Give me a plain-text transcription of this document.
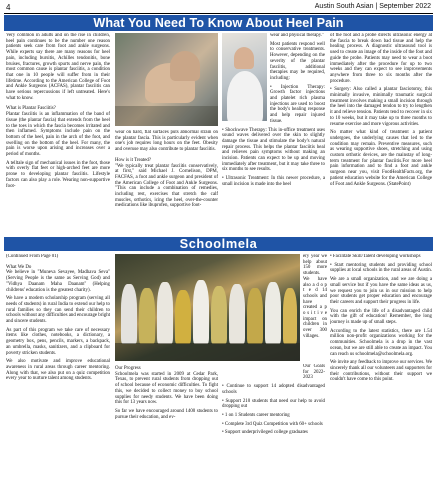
4	Austin South Asian | September 2022
What You Need To Know About Heel Pain

Very common in adults and on the rise in children, heel pain continues to be the number one reason patients seek care from foot and ankle surgeons. While experts say there are many reasons for heel pain, including bursitis, Achilles tendonitis, bone bruises, fractures, growth spurts and nerve pain, the most common cause is plantar fasciitis, a condition that one in 10 people will suffer from in their lifetime. According to the American College of Foot and Ankle Surgeons (ACFAS), plantar fasciitis can have serious repercussions if left untreated. Here's what to know.

What is Plantar Fasciitis?

Plantar fasciitis is an inflammation of the band of tissue (the plantar fascia) that extends from the heel to the toes in which the fascia becomes irritated and then inflamed. Symptoms include pain on the bottom of the heel, pain in the arch of the foot, and swelling on the bottom of the heel. For many, the pain is worse upon arising and increases over a period of months.

A telltale sign of mechanical issues in the foot, those with overly flat feet or high-arched feet are more prone to developing plantar fasciitis. Lifestyle factors can also play a role. Wearing non-supportive foot-

wear on hard, flat surfaces puts abnormal strain on the plantar fascia. This is particularly evident when one's job requires long hours on the feet. Obesity and overuse may also contribute to plantar fasciitis.

How is it Treated?

"We typically treat plantar fasciitis conservatively, at first," said Michael J. Cornelison, DPM, FACFAS, a foot and ankle surgeon and president of the American College of Foot and Ankle Surgeons. "This can include a combination of remedies, including rest, exercises that stretch the calf muscles, orthotics, icing the heel, over-the-counter medications like ibuprofen, supportive foot-

wear and physical therapy."

Most patients respond well to conservative treatments. However, depending on the severity of the plantar fasciitis, additional therapies may be required, including:

• Injection Therapy: Growth factor injections and platelet rich plasma injections are used to boost the body's healing response and help repair injured tissue.

• Shockwave Therapy: This in-office treatment uses sound waves delivered over the skin to slightly damage the tissue and stimulate the body's natural repair process. This helps the plantar fasciitis heal and relieves pain symptoms without making an incision. Patients can expect to be up and moving immediately after treatment, but it may take three to six months to see results.

• Ultrasonic Treatment: In this newer procedure, a small incision is made into the heel

of the foot and a probe directs ultrasonic energy at the fascia to break down bad tissue and help the healing process. A diagnostic ultrasound tool is used to create an image of the inside of the foot and guide the probe. Patients may need to wear a boot immediately after the procedure for up to two weeks and they can expect to see improvements anywhere from three to six months after the procedure.

• Surgery: Also called a plantar fasciotomy, this minimally invasive, minimally traumatic surgical treatment involves making a small incision through the heel into the damaged tendon to try to lengthen it and relieve tension. Patients tend to recover in six to 10 weeks, but it may take up to three months to resume exercise and more vigorous activities.

No matter what kind of treatment a patient undergoes, the underlying causes that led to the condition may remain. Preventive measures, such as wearing supportive shoes, stretching and using custom orthotic devices, are the mainstay of long-term treatment for plantar fasciitis.For more heel pain information and to find a foot and ankle surgeon near you, visit FootHealthFacts.org, the patient education website for the American College of Foot and Ankle Surgeons. (StatePoint)

Schoolmela

(Continued From Page 01)

What We Do

We believe in "Muneva Sevayee, Madhava Seva" (Serving People is the same as Serving God) and "Vidhya Daanam Maha Daanam" (Helping childrens' education is the greatest charity).

We have a modern scholarship program (serving all needs of students) in rural India to extend our help to rural families so they can send their children to schools without any difficulties and encourage bright and sincere students.

As part of this program we take care of necessary items like clothes, notebooks, a dictionary, a geometry box, pens, pencils, markers, a backpack, an umbrella, masks, sanitizers, and a clipboard for poverty stricken students.

We also motivate and improve educational awareness in rural areas through career mentoring. Along with that, we also put on a quiz competition every year to nurture talent among students.

Our Progress

Schoolmela was started in 2009 at Cedar Park, Texas, to prevent rural students from dropping out of school because of economic difficulties. To fight this, we decided to collect money to buy school supplies for needy students. We have been doing this for 13 years now.

So far we have encouraged around 1400 students to pursue their education, and ev-

ery year we help about 150 more students. We have also a d o p t e d 14 schools and have created a p o s i t i v e impact on children in over 300 villages.

Our Goals for 2022-2023

• Continue to support 14 adopted disadvantaged schools

• Support 210 students that need our help to avoid dropping out

• 1 on 1 Students career mentoring

• Complete 3rd Quiz Competition with 60+ schools

• Support underprivileged college graduates

• Facilitate Skill/Talent developing workshops

• Start mentoring students and providing school supplies at local schools in the rural areas of Austin.

We are a small organization, and we are doing a small service but if you have the same ideas as us, we request you to join us in our mission to help poor students get proper education and encourage their careers and support their progress in life.

You can enrich the life of a disadvantaged child with the gift of education! Remember, the long journey is made up of small steps.

According to the latest statistics, there are 1.54 million non-profit organizations working for the communities. Schoolmela is a drop in the vast ocean, but we are still able to create an impact. You can reach us schoolmela@schoolmela.org.

We invite any feedback to improve our services. We sincerely thank all our volunteers and supporters for their contributions, without their support we couldn't have come to this point.
